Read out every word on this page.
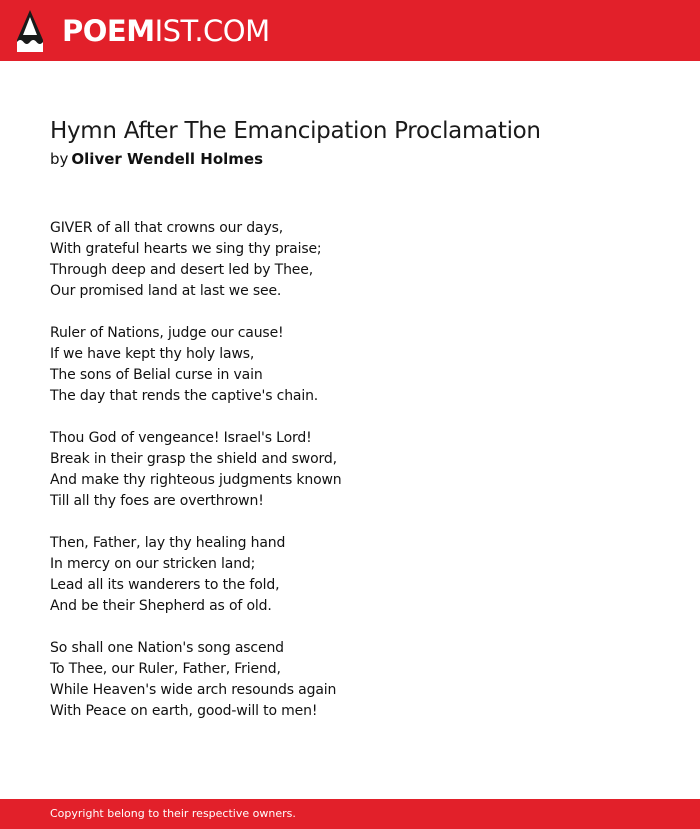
POEMIST.COM
Hymn After The Emancipation Proclamation
by Oliver Wendell Holmes
GIVER of all that crowns our days,
With grateful hearts we sing thy praise;
Through deep and desert led by Thee,
Our promised land at last we see.
Ruler of Nations, judge our cause!
If we have kept thy holy laws,
The sons of Belial curse in vain
The day that rends the captive's chain.
Thou God of vengeance! Israel's Lord!
Break in their grasp the shield and sword,
And make thy righteous judgments known
Till all thy foes are overthrown!
Then, Father, lay thy healing hand
In mercy on our stricken land;
Lead all its wanderers to the fold,
And be their Shepherd as of old.
So shall one Nation's song ascend
To Thee, our Ruler, Father, Friend,
While Heaven's wide arch resounds again
With Peace on earth, good-will to men!
Copyright belong to their respective owners.
